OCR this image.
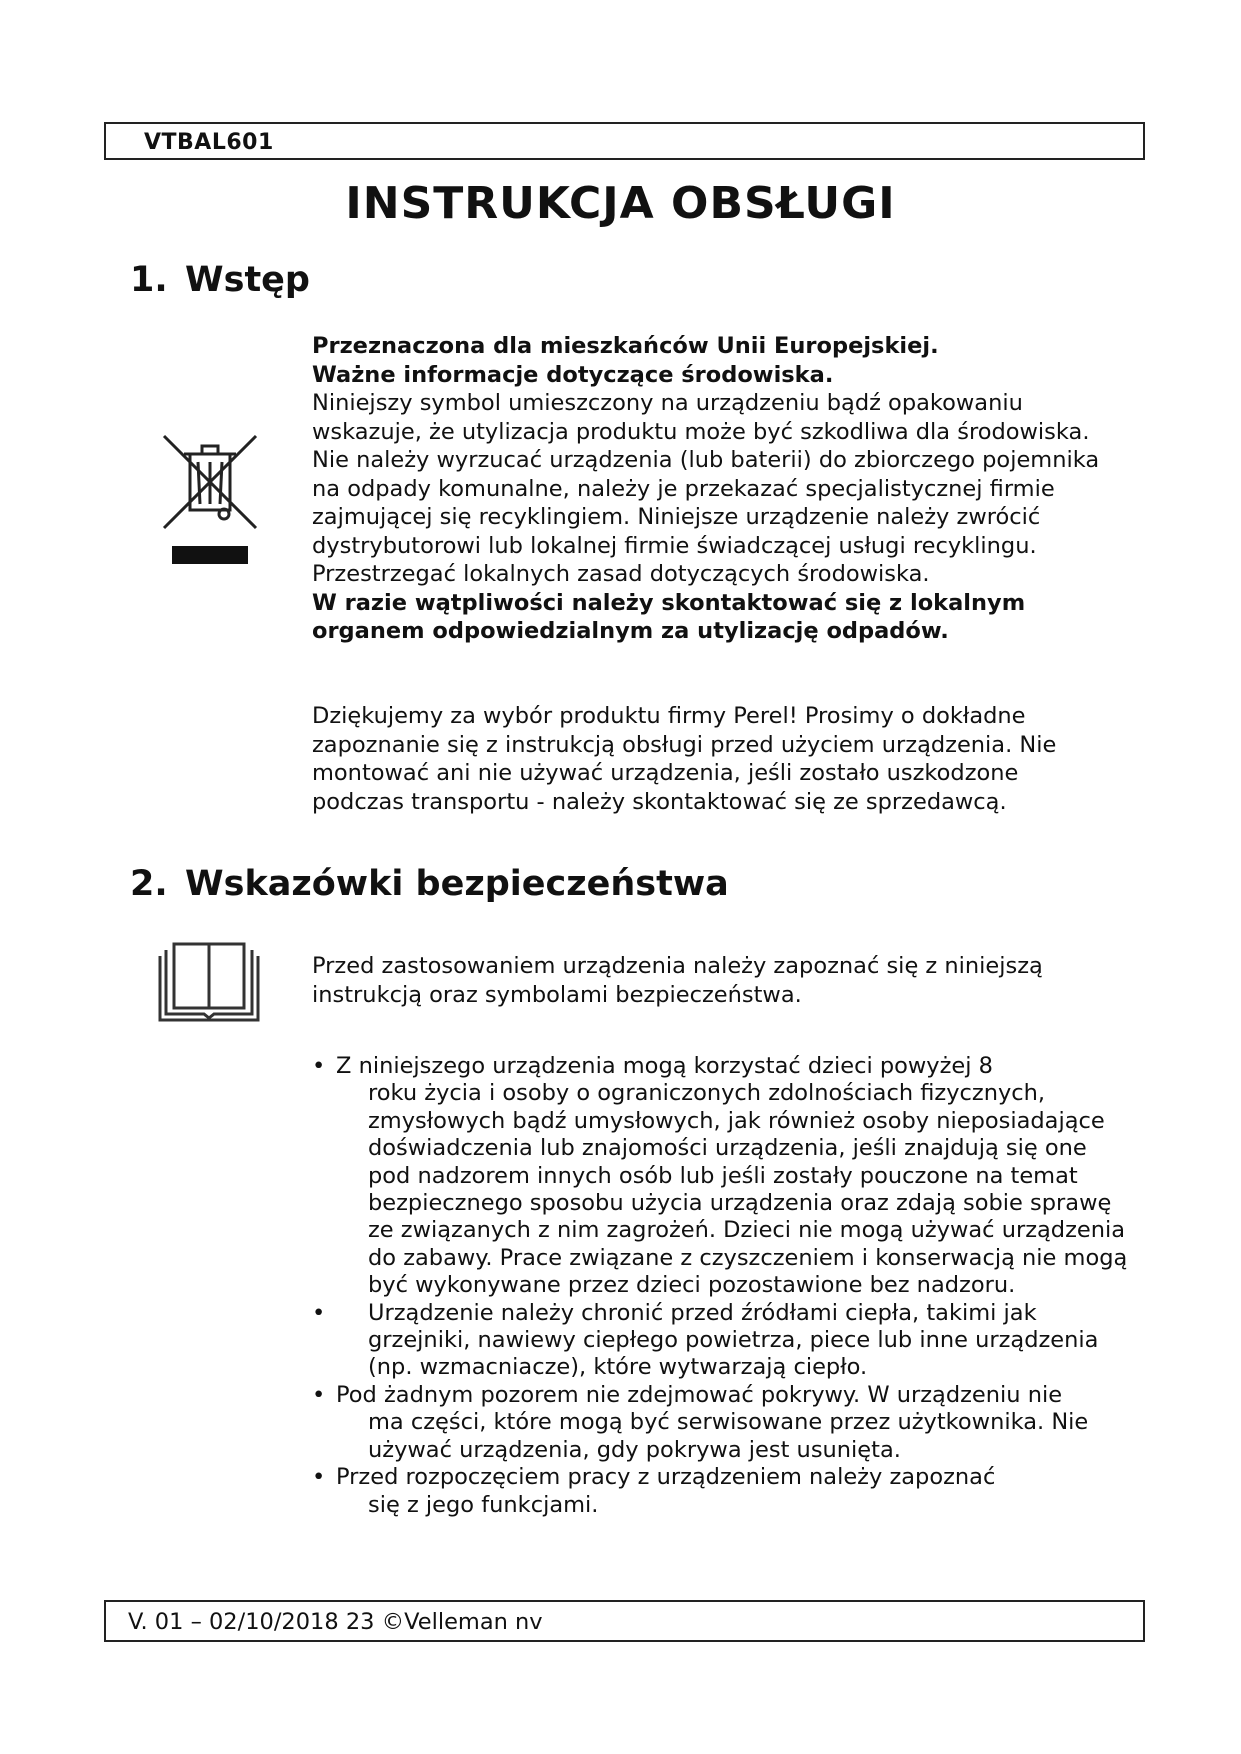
VTBAL601
INSTRUKCJA OBSŁUGI
1. Wstęp

Przeznaczona dla mieszkańców Unii Europejskiej.

Ważne informacje dotyczące środowiska.

Niniejszy symbol umieszczony na urządzeniu bądź opakowaniu wskazuje, że utylizacja produktu może być szkodliwa dla środowiska. Nie należy wyrzucać urządzenia (lub baterii) do zbiorczego pojemnika na odpady komunalne, należy je przekazać specjalistycznej firmie zajmującej się recyklingiem. Niniejsze urządzenie należy zwrócić dystrybutorowi lub lokalnej firmie świadczącej usługi recyklingu. Przestrzegać lokalnych zasad dotyczących środowiska.

W razie wątpliwości należy skontaktować się z lokalnym organem odpowiedzialnym za utylizację odpadów.

Dziękujemy za wybór produktu firmy Perel! Prosimy o dokładne zapoznanie się z instrukcją obsługi przed użyciem urządzenia. Nie montować ani nie używać urządzenia, jeśli zostało uszkodzone podczas transportu - należy skontaktować się ze sprzedawcą.

2. Wskazówki bezpieczeństwa

Przed zastosowaniem urządzenia należy zapoznać się z niniejszą instrukcją oraz symbolami bezpieczeństwa.

• Z niniejszego urządzenia mogą korzystać dzieci powyżej 8
roku życia i osoby o ograniczonych zdolnościach fizycznych, zmysłowych bądź umysłowych, jak również osoby nieposiadające doświadczenia lub znajomości urządzenia, jeśli znajdują się one pod nadzorem innych osób lub jeśli zostały pouczone na temat bezpiecznego sposobu użycia urządzenia oraz zdają sobie sprawę ze związanych z nim zagrożeń. Dzieci nie mogą używać urządzenia do zabawy. Prace związane z czyszczeniem i konserwacją nie mogą być wykonywane przez dzieci pozostawione bez nadzoru.
•	Urządzenie należy chronić przed źródłami ciepła, takimi jak
grzejniki, nawiewy ciepłego powietrza, piece lub inne urządzenia (np. wzmacniacze), które wytwarzają ciepło.
• Pod żadnym pozorem nie zdejmować pokrywy. W urządzeniu nie
ma części, które mogą być serwisowane przez użytkownika. Nie używać urządzenia, gdy pokrywa jest usunięta.
• Przed rozpoczęciem pracy z urządzeniem należy zapoznać
się z jego funkcjami.
V. 01 – 02/10/2018 23 ©Velleman nv
